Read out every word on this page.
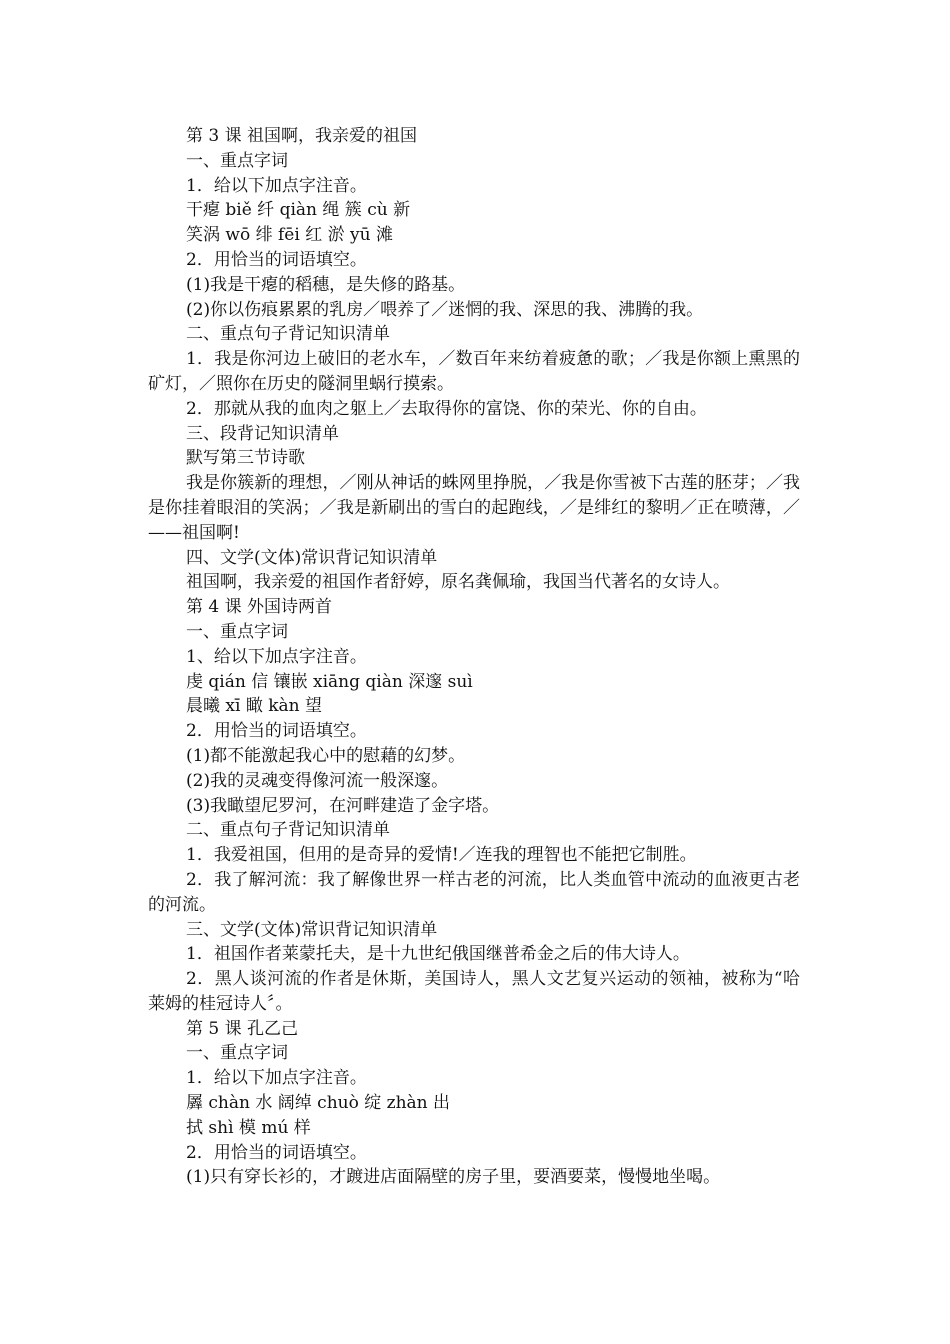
第 3 课 祖国啊，我亲爱的祖国

一、重点字词

1．给以下加点字注音。

干瘪 biě 纤 qiàn 绳 簇 cù 新

笑涡 wō 绯 fēi 红 淤 yū 滩

2．用恰当的词语填空。

(1)我是干瘪的稻穗，是失修的路基。

(2)你以伤痕累累的乳房／喂养了／迷惘的我、深思的我、沸腾的我。

二、重点句子背记知识清单

1．我是你河边上破旧的老水车，／数百年来纺着疲惫的歌；／我是你额上熏黑的矿灯，／照你在历史的隧洞里蜗行摸索。

2．那就从我的血肉之躯上／去取得你的富饶、你的荣光、你的自由。

三、段背记知识清单

默写第三节诗歌

我是你簇新的理想，／刚从神话的蛛网里挣脱，／我是你雪被下古莲的胚芽；／我是你挂着眼泪的笑涡；／我是新刷出的雪白的起跑线，／是绯红的黎明／正在喷薄，／——祖国啊!

四、文学(文体)常识背记知识清单

祖国啊，我亲爱的祖国作者舒婷，原名龚佩瑜，我国当代著名的女诗人。

第 4 课 外国诗两首

一、重点字词

1、给以下加点字注音。

虔 qián 信 镶嵌 xiāng qiàn 深邃 suì

晨曦 xī 瞰 kàn 望

2．用恰当的词语填空。

(1)都不能激起我心中的慰藉的幻梦。

(2)我的灵魂变得像河流一般深邃。

(3)我瞰望尼罗河，在河畔建造了金字塔。

二、重点句子背记知识清单

1．我爱祖国，但用的是奇异的爱情!／连我的理智也不能把它制胜。

2．我了解河流：我了解像世界一样古老的河流，比人类血管中流动的血液更古老的河流。

三、文学(文体)常识背记知识清单

1．祖国作者莱蒙托夫，是十九世纪俄国继普希金之后的伟大诗人。

2．黑人谈河流的作者是休斯，美国诗人，黑人文艺复兴运动的领袖，被称为“哈莱姆的桂冠诗人〞。

第 5 课 孔乙己

一、重点字词

1．给以下加点字注音。

羼 chàn 水 阔绰 chuò 绽 zhàn 出

拭 shì 模 mú 样

2．用恰当的词语填空。

(1)只有穿长衫的，才踱进店面隔壁的房子里，要酒要菜，慢慢地坐喝。
